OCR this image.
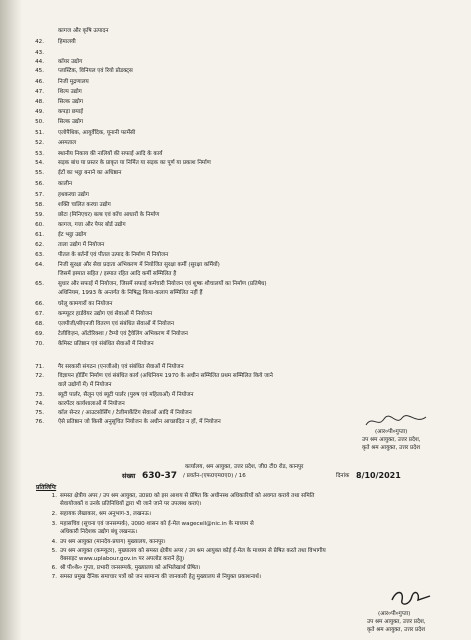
कागज और कृषि उत्पादन
42.	हिमालयी
43.
44.	कॉयर उद्योग
45.	प्लास्टिक, विनियल एवं रियो प्रोडक्ट्स
46.	निजी मुद्रणालय
47.	शिल्प उद्योग
48.	सिल्क उद्योग
49.	कपड़ा छपाई
50.	सिल्क उद्योग
51.	एलोपैथिक, आयुर्वेदिक, यूनानी फार्मेसी
52.	अस्पताल
53.	स्थानीय निकाय की नालियों की सफाई आदि के कार्य
54.	सड़क बांध या प्रस्तर के प्राकृत या निर्मित या सड़क का पूर्ण या प्रकाश निर्माण
55.	ईटों का भट्ठा बनाने का अधिष्ठान
56.	कालीन
57.	हथकरघा उद्योग
58.	शक्ति चालित करघा उद्योग
59.	छोटा (मिनिएचर) बल्ब एवं काँच आधारों के निर्माण
60.	कागज, गत्ता और पेपर बोर्ड उद्योग
61.	ईट भट्ठा उद्योग
62.	ताला उद्योग में नियोजन
63.	पीतल के बर्तनों एवं पीतल उत्पाद के निर्माण में नियोजन
64.	निजी सुरक्षा और सेवा प्रदाता अभिकरण में नियोजित सुरक्षा कर्मी (सुरक्षा कर्मियों)
जिसमें इस्पात सहित / इस्पात रहित आदि कर्मी सम्मिलित है
65.	सुधार और सफाई में नियोजन, जिसमें सफाई कर्मचारी नियोजन एवं शुष्क शौचालयों का निर्माण (प्रतिषेध)
अधिनियम, 1993 के अन्तर्गत के निषिद्ध किया-कलाप सम्मिलित नहीं हैं
66.	घरेलू कामगारों का नियोजन
67.	कम्प्यूटर हार्डवेयर उद्योग एवं सेवाओं में नियोजन
68.	एलपीजी/सीएनजी वितरण एवं संबंधित सेवाओं में नियोजन
69.	टेलीविज़न, ऑटोरिक्शा / टैम्पो एवं ट्रैवेलिंग अभिकरण में नियोजन
70.	केमिस्ट प्रतिष्ठान एवं संबंधित सेवाओं में नियोजन
71.	गैर सरकारी संगठन (एनजीओ) एवं संबंधित सेवाओं में नियोजन
72.	विज्ञापन होर्डिंग निर्माण एवं संबंधित कार्य (अधिनियम 1970 के अधीन सम्मिलित प्रथम सम्मिलित किये जाने
वाले उद्योगों में) में नियोजन
73.	ब्यूटी पार्लर, सैलून एवं ब्यूटी पार्लर (पुरुष एवं महिलाओं) में नियोजन
74.	कारपेंटर कार्यशालाओं में नियोजन
75.	कॉल सेन्टर / आउटसोर्सिंग / टेलीमार्केटिंग सेवाओं आदि में नियोजन
76.	ऐसे प्रतिष्ठान जो किसी अनुसूचित नियोजन के अधीन आच्छादित न हों, में नियोजन
(आर०पी०गुप्ता)
उप श्रम आयुक्त, उत्तर प्रदेश,
कृते श्रम आयुक्त, उत्तर प्रदेश
कार्यालय, श्रम आयुक्त, उत्तर प्रदेश, जी0 टी0 रोड, कानपुर
संख्या 630-37 / प्रवर्तन-(एफ0एम0ए0) / 16	दिनांक 8/10/2021
प्रतिलिपिः
1. समस्त क्षेत्रीय अपर / उप श्रम आयुक्त, उ0प्र0 को इस आशय से प्रेषित कि अधीनस्थ अधिकारियों को अवगत कराये तथा समिति
सेवायोजकों व उनके प्रतिनिधियों द्वारा भी जाने जाने पर उपलब्ध कराएं।
2. सहायक लेखाकार, श्रम अनुभाग-3, लखनऊ।
3. महासचिव (सूचना एवं जनसम्पर्क), उ0प्र0 शासन को ई-मेल wagecell@nic.in के माध्यम से
अधिकारी निदेशक उद्योग बंधु लखनऊ।
4. उप श्रम आयुक्त (मानदेय-प्रयाग) मुख्यालय, कानपुर।
5. उप श्रम आयुक्त (कम्प्यूटर), मुख्यालय को समस्त क्षेत्रीय अपर / उप श्रम आयुक्त कोई ई-मेल के माध्यम से प्रेषित करते तथा विभागीय
वेबसाइट www.uplabour.gov.in पर अपलोड कराने हेतु।
6. श्री पी०के० गुप्ता, प्रभारी जनसम्पर्क, मुख्यालय को अभिलेखार्थ प्रेषित।
7. समस्त प्रमुख दैनिक समाचार पत्रों को जन सामान्य की जानकारी हेतु मुख्यालय से नियुक्त प्रकाशनार्थ।
(आर०पी०गुप्ता)
उप श्रम आयुक्त, उत्तर प्रदेश,
कृते श्रम आयुक्त, उत्तर प्रदेश
